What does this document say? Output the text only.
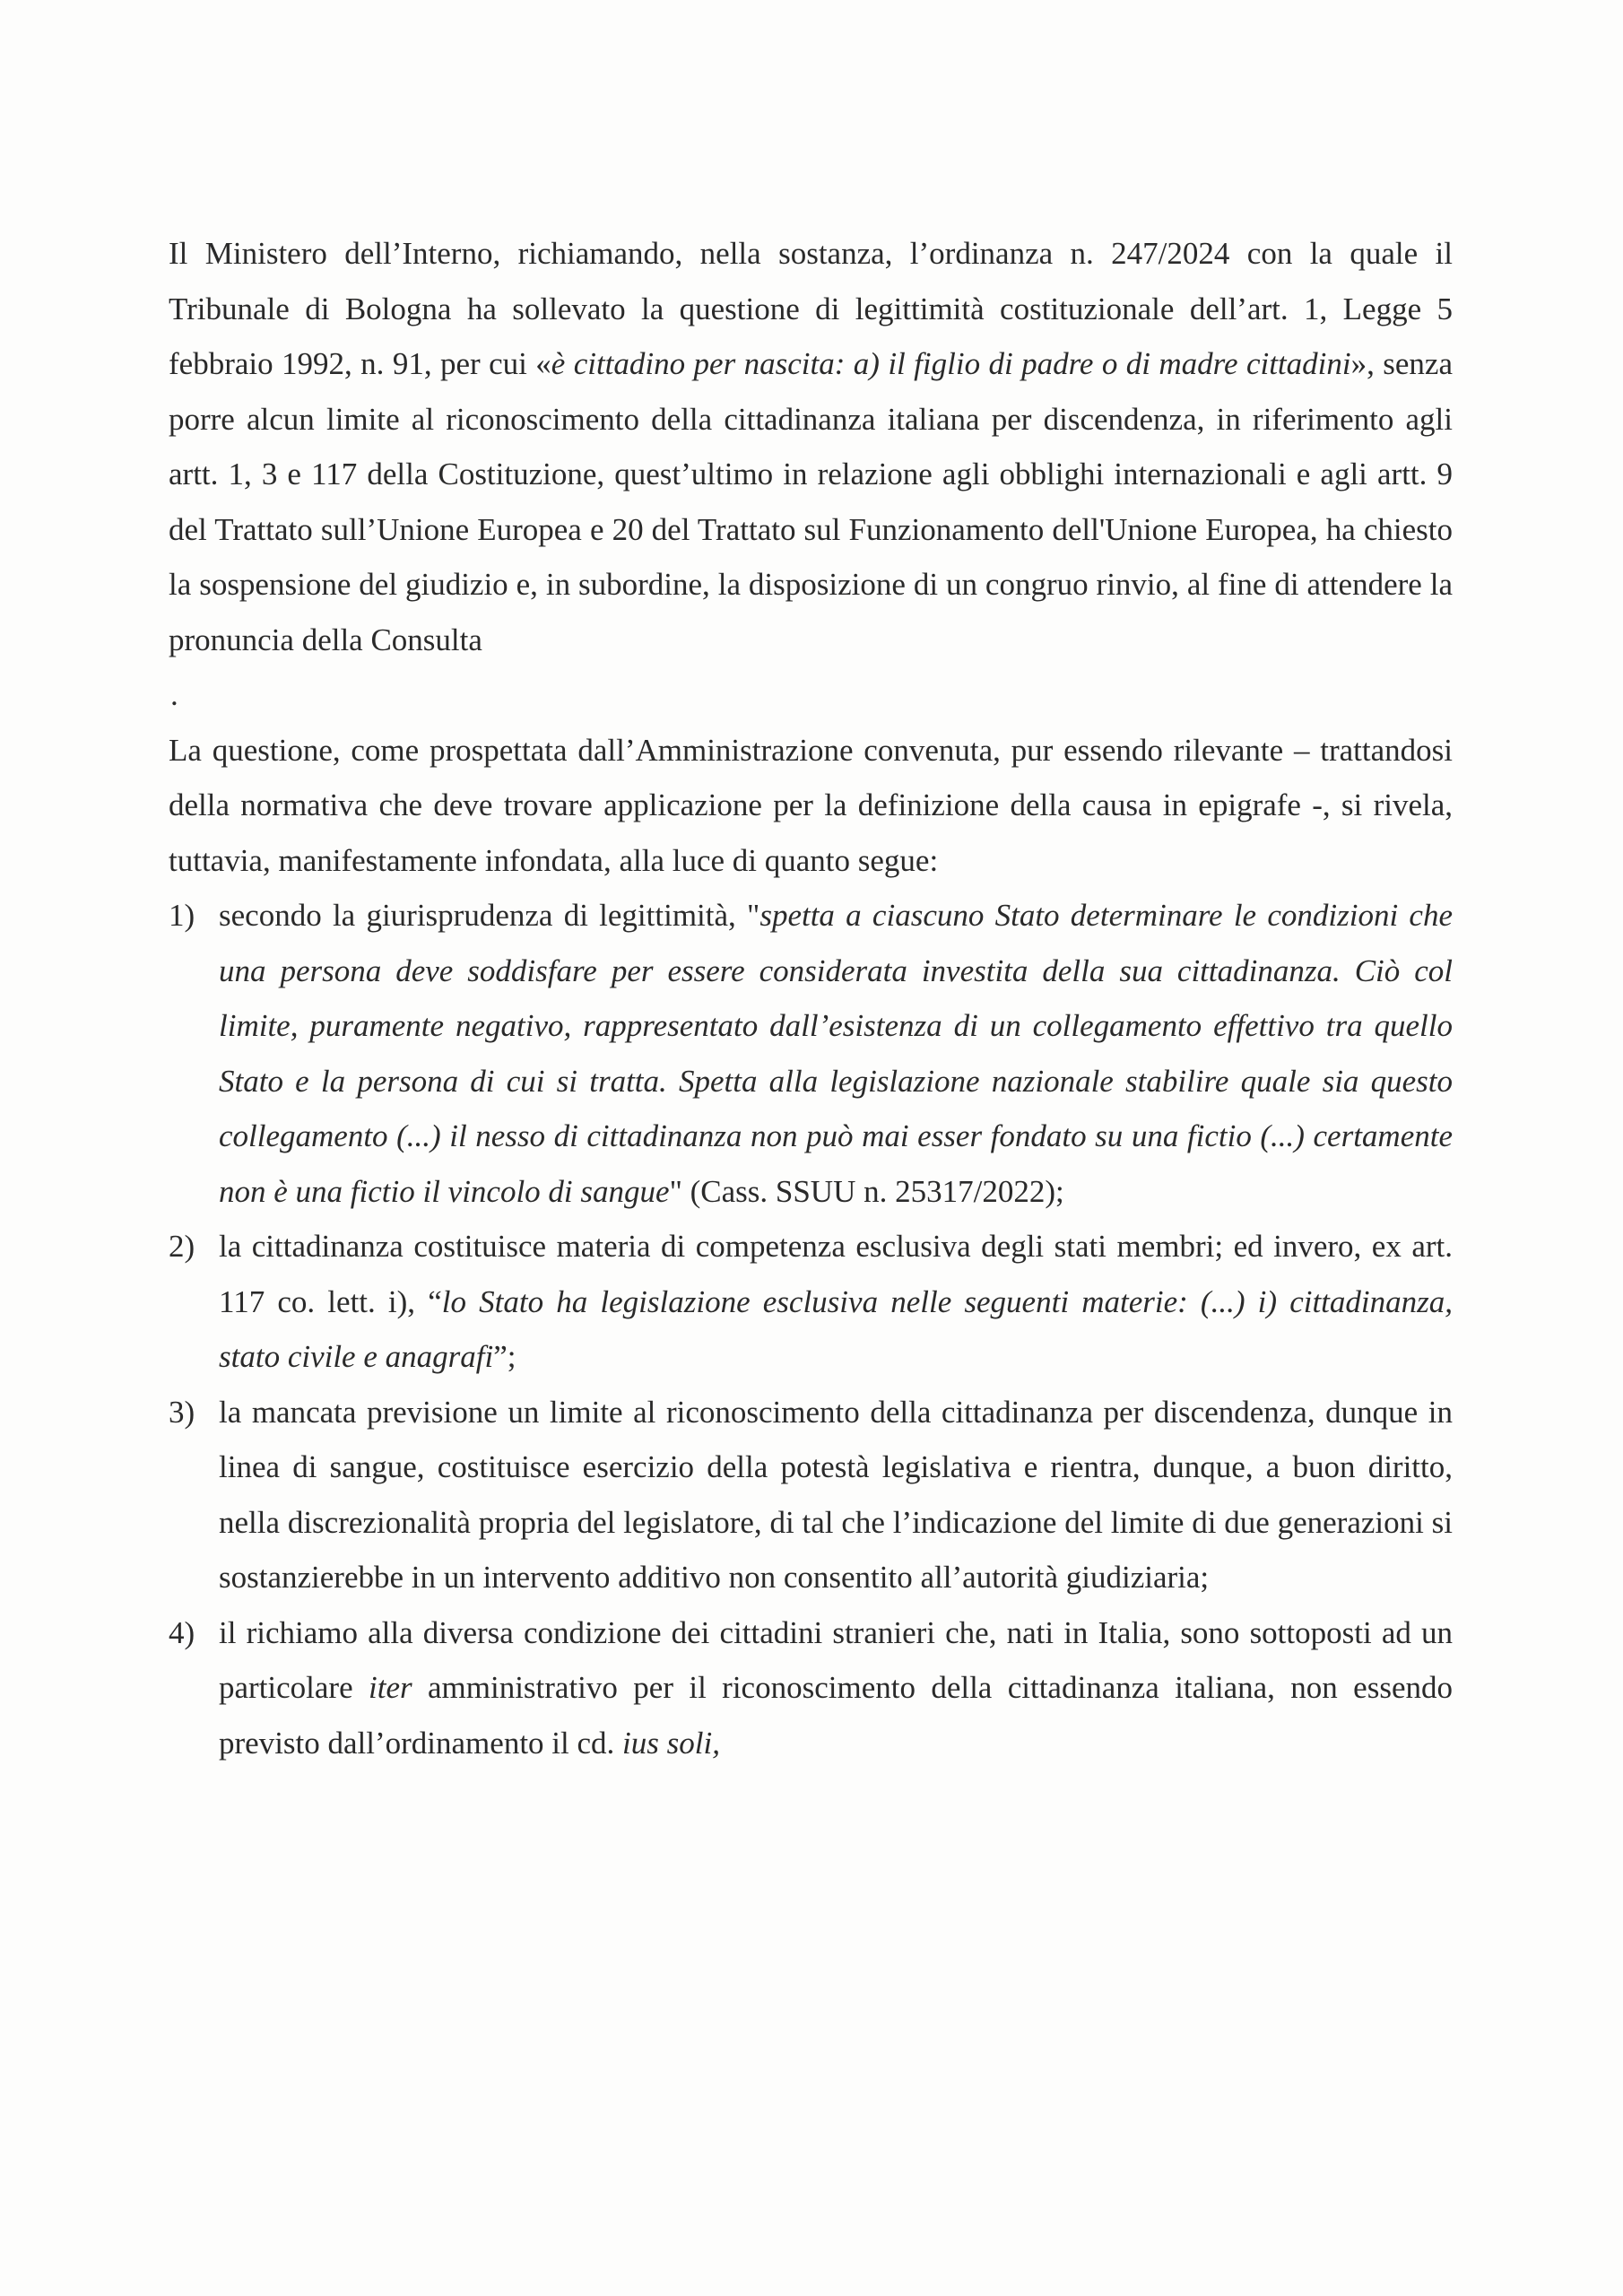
Il Ministero dell’Interno, richiamando, nella sostanza, l’ordinanza n. 247/2024 con la quale il Tribunale di Bologna ha sollevato la questione di legittimità costituzionale dell’art. 1, Legge 5 febbraio 1992, n. 91, per cui «è cittadino per nascita: a) il figlio di padre o di madre cittadini», senza porre alcun limite al riconoscimento della cittadinanza italiana per discendenza, in riferimento agli artt. 1, 3 e 117 della Costituzione, quest’ultimo in relazione agli obblighi internazionali e agli artt. 9 del Trattato sull’Unione Europea e 20 del Trattato sul Funzionamento dell'Unione Europea, ha chiesto la sospensione del giudizio e, in subordine, la disposizione di un congruo rinvio, al fine di attendere la pronuncia della Consulta

.

La questione, come prospettata dall’Amministrazione convenuta, pur essendo rilevante – trattandosi della normativa che deve trovare applicazione per la definizione della causa in epigrafe -, si rivela, tuttavia, manifestamente infondata, alla luce di quanto segue:

1) secondo la giurisprudenza di legittimità, "spetta a ciascuno Stato determinare le condizioni che una persona deve soddisfare per essere considerata investita della sua cittadinanza. Ciò col limite, puramente negativo, rappresentato dall’esistenza di un collegamento effettivo tra quello Stato e la persona di cui si tratta. Spetta alla legislazione nazionale stabilire quale sia questo collegamento (...) il nesso di cittadinanza non può mai esser fondato su una fictio (...) certamente non è una fictio il vincolo di sangue" (Cass. SSUU n. 25317/2022);
2) la cittadinanza costituisce materia di competenza esclusiva degli stati membri; ed invero, ex art. 117 co. lett. i), “lo Stato ha legislazione esclusiva nelle seguenti materie: (...) i) cittadinanza, stato civile e anagrafi”;
3) la mancata previsione un limite al riconoscimento della cittadinanza per discendenza, dunque in linea di sangue, costituisce esercizio della potestà legislativa e rientra, dunque, a buon diritto, nella discrezionalità propria del legislatore, di tal che l’indicazione del limite di due generazioni si sostanzierebbe in un intervento additivo non consentito all’autorità giudiziaria;
4) il richiamo alla diversa condizione dei cittadini stranieri che, nati in Italia, sono sottoposti ad un particolare iter amministrativo per il riconoscimento della cittadinanza italiana, non essendo previsto dall’ordinamento il cd. ius soli,
